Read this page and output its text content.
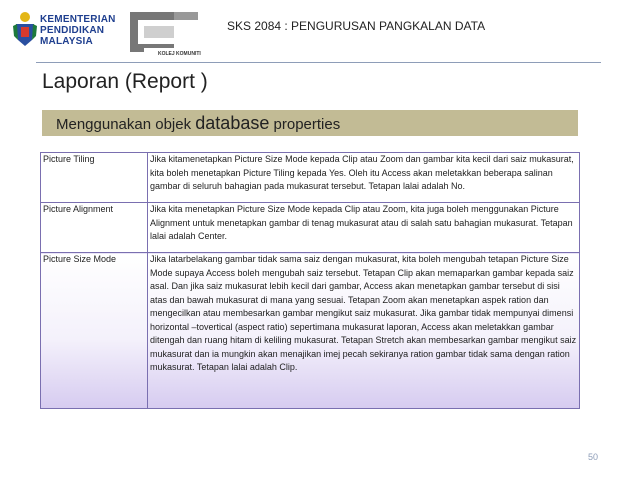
KEMENTERIAN
PENDIDIKAN
MALAYSIA
KOLEJ KOMUNITI
SKS 2084 : PENGURUSAN PANGKALAN DATA
Laporan (Report )
Menggunakan objek database properties
Picture Tiling	Jika kitamenetapkan Picture Size Mode kepada Clip atau Zoom dan gambar kita kecil dari saiz mukasurat, kita boleh menetapkan Picture Tiling kepada Yes. Oleh itu Access akan meletakkan beberapa salinan gambar di seluruh bahagian pada mukasurat tersebut. Tetapan lalai adalah No.
Picture Alignment	Jika kita menetapkan Picture Size Mode kepada Clip atau Zoom, kita juga boleh menggunakan Picture Alignment untuk menetapkan gambar di tenag mukasurat atau di salah satu bahagian mukasurat. Tetapan lalai adalah Center.
Picture Size Mode	Jika latarbelakang gambar tidak sama saiz dengan mukasurat, kita boleh mengubah tetapan Picture Size Mode supaya Access boleh mengubah saiz tersebut. Tetapan Clip akan memaparkan gambar kepada saiz asal. Dan jika saiz mukasurat lebih kecil dari gambar, Access akan menetapkan gambar tersebut di sisi atas dan bawah mukasurat di mana yang sesuai. Tetapan Zoom akan menetapkan aspek ration dan mengecilkan atau membesarkan gambar mengikut saiz mukasurat. Jika gambar tidak mempunyai dimensi horizontal –tovertical (aspect ratio) sepertimana mukasurat laporan, Access akan meletakkan gambar ditengah dan ruang hitam di keliling mukasurat. Tetapan Stretch akan membesarkan gambar mengikut saiz mukasurat dan ia mungkin akan menajikan imej pecah sekiranya ration gambar tidak sama dengan ration mukasurat. Tetapan lalai adalah Clip.
50
